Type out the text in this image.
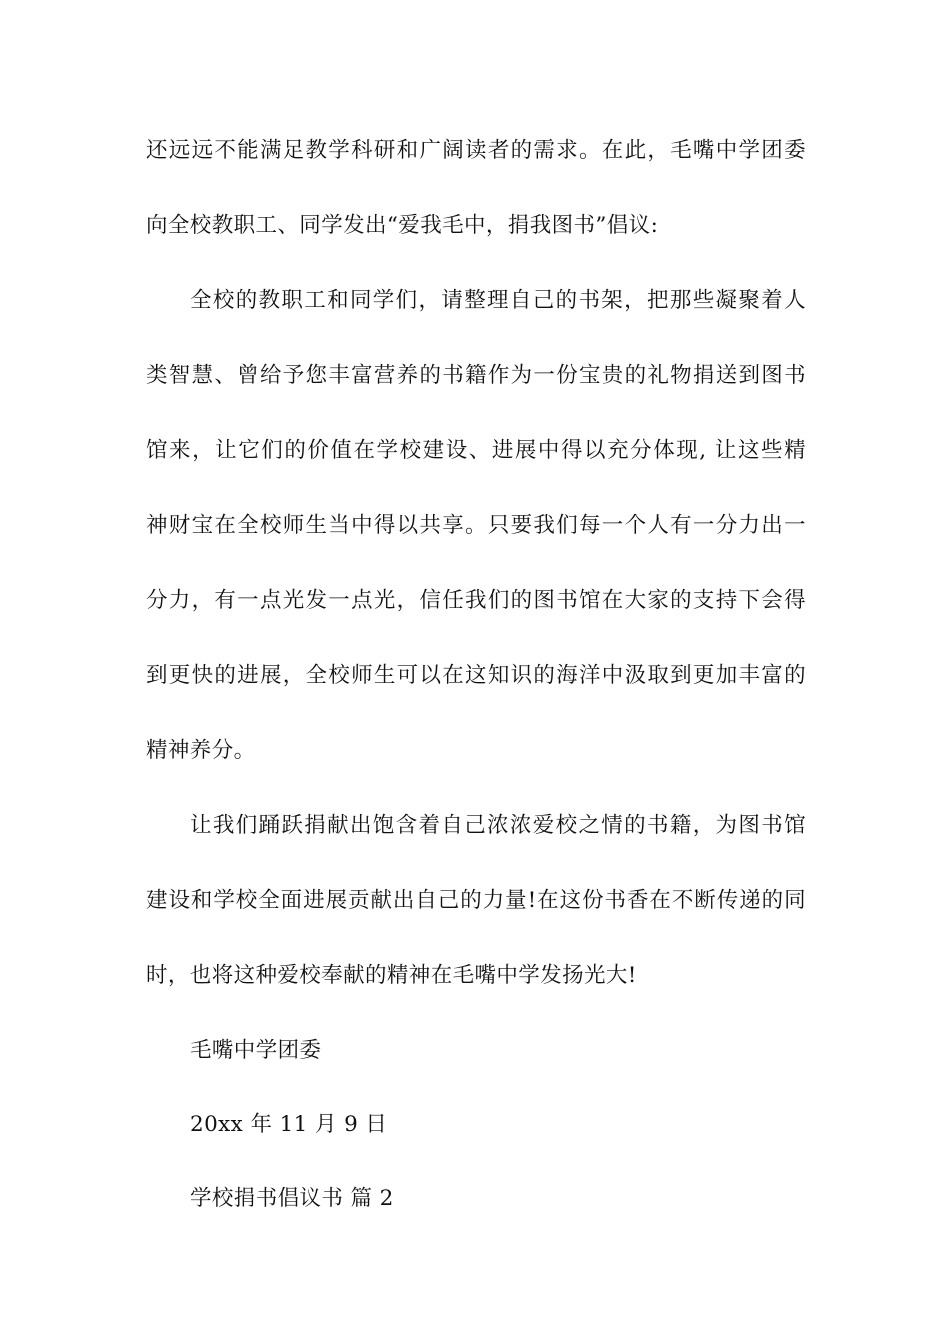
还远远不能满足教学科研和广阔读者的需求。在此，毛嘴中学团委
向全校教职工、同学发出“爱我毛中，捐我图书”倡议:
全校的教职工和同学们，请整理自己的书架，把那些凝聚着人
类智慧、曾给予您丰富营养的书籍作为一份宝贵的礼物捐送到图书
馆来，让它们的价值在学校建设、进展中得以充分体现, 让这些精
神财宝在全校师生当中得以共享。只要我们每一个人有一分力出一
分力，有一点光发一点光，信任我们的图书馆在大家的支持下会得
到更快的进展，全校师生可以在这知识的海洋中汲取到更加丰富的
精神养分。
让我们踊跃捐献出饱含着自己浓浓爱校之情的书籍，为图书馆
建设和学校全面进展贡献出自己的力量!在这份书香在不断传递的同
时，也将这种爱校奉献的精神在毛嘴中学发扬光大!
毛嘴中学团委
20xx 年 11 月 9 日
学校捐书倡议书 篇 2
